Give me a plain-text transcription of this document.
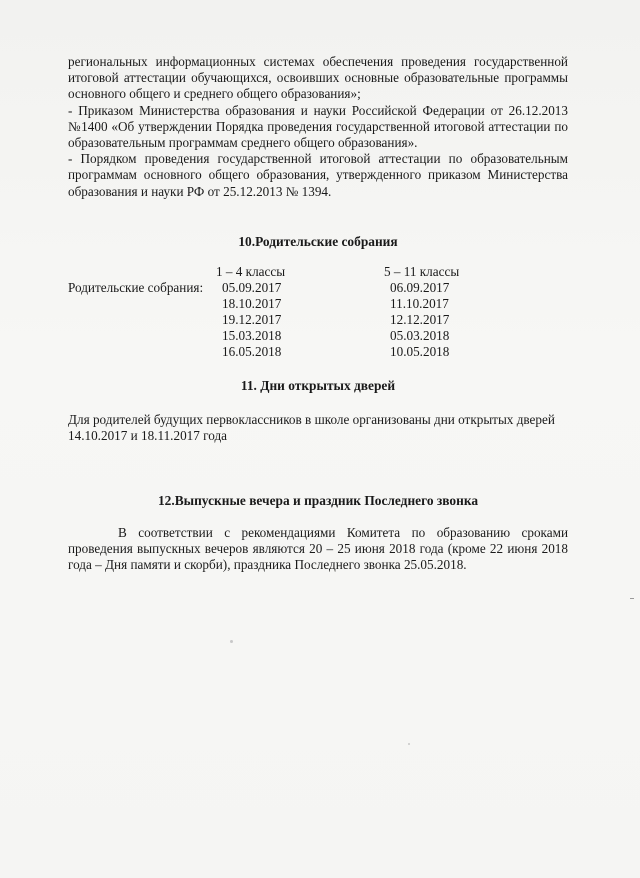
региональных информационных системах обеспечения проведения государственной итоговой аттестации обучающихся, освоивших основные образовательные программы основного общего и среднего общего образования»;

- Приказом Министерства образования и науки Российской Федерации от 26.12.2013 №1400 «Об утверждении Порядка проведения государственной итоговой аттестации по образовательным программам среднего общего образования».

- Порядком проведения государственной итоговой аттестации по образовательным программам основного общего образования, утвержденного приказом Министерства образования и науки РФ от 25.12.2013 № 1394.

10.Родительские собрания

1 – 4 классы	5 – 11 классы
Родительские собрания: 05.09.2017
18.10.2017
19.12.2017
15.03.2018
16.05.2018
06.09.2017
11.10.2017
12.12.2017
05.03.2018
10.05.2018

11. Дни открытых дверей

Для родителей будущих первоклассников в школе организованы дни открытых дверей 14.10.2017 и 18.11.2017 года

12.Выпускные вечера и праздник Последнего звонка

В соответствии с рекомендациями Комитета по образованию сроками проведения выпускных вечеров являются 20 – 25 июня 2018 года (кроме 22 июня 2018 года – Дня памяти и скорби), праздника Последнего звонка 25.05.2018.
